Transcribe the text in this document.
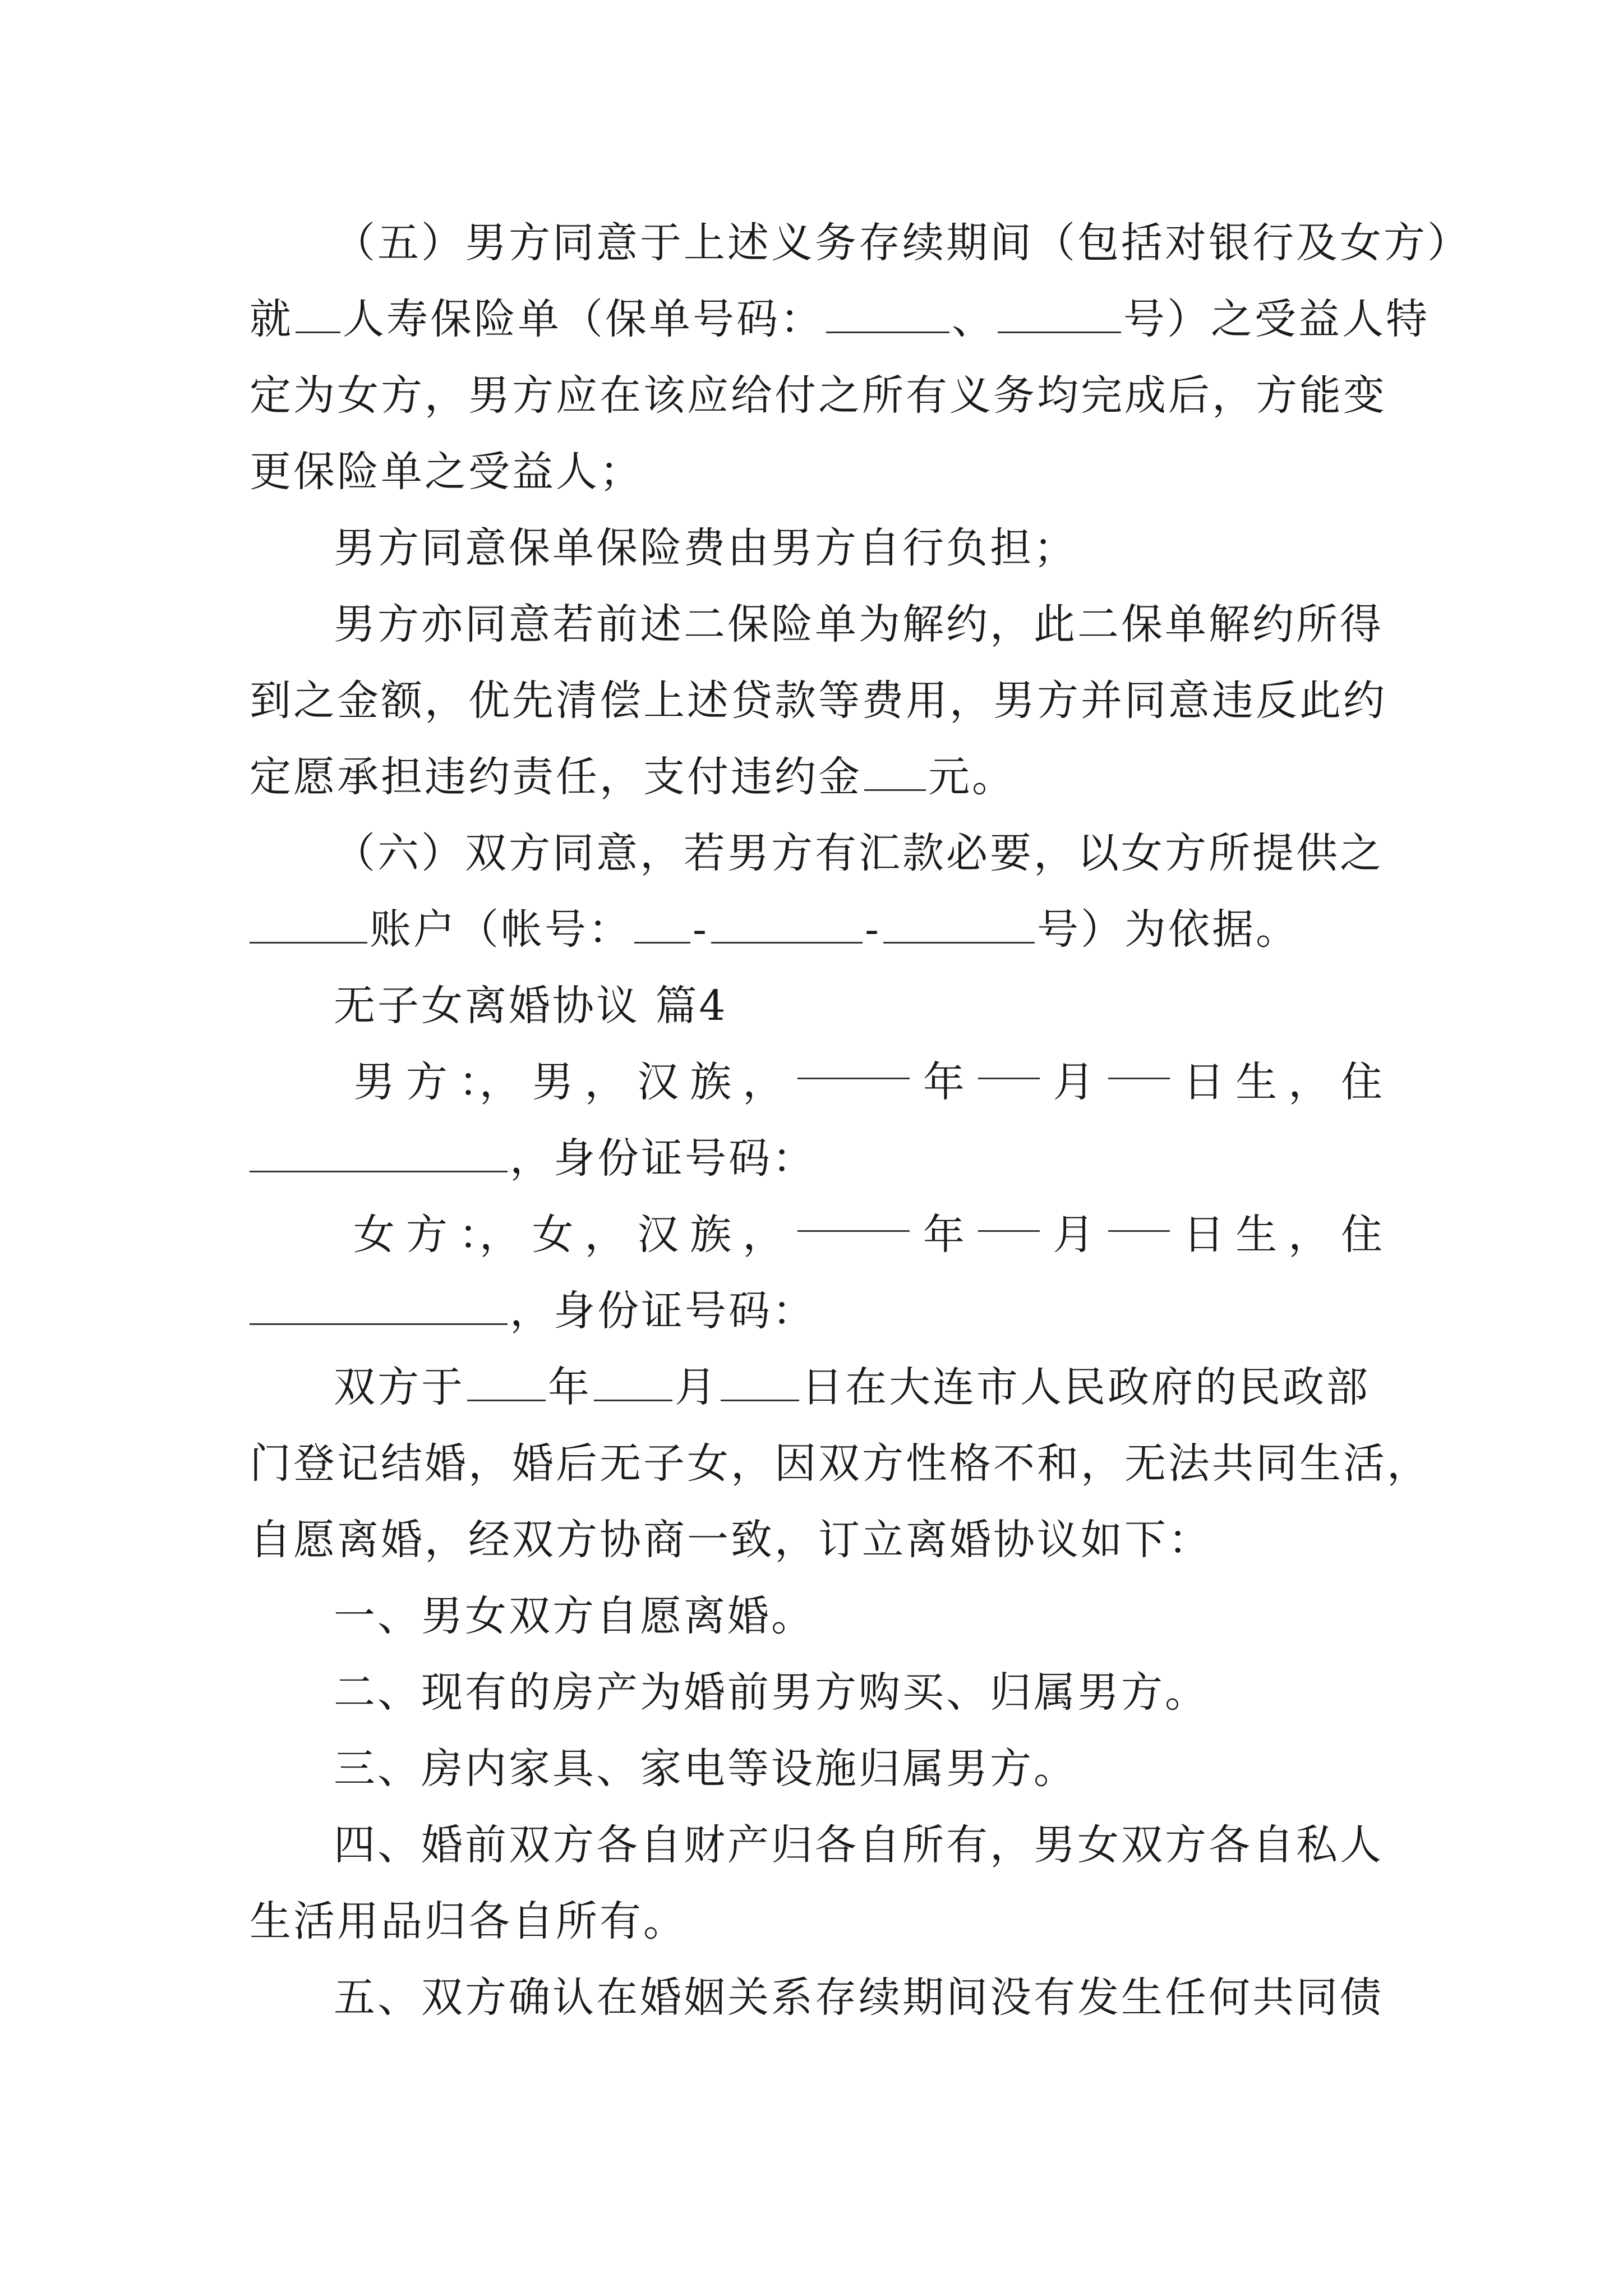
（五）男方同意于上述义务存续期间（包括对银行及女方）
就 人寿保险单（保单号码：	、	号）之受益人特
定为女方，男方应在该应给付之所有义务均完成后，方能变
更保险单之受益人；
男方同意保单保险费由男方自行负担；
男方亦同意若前述二保险单为解约，此二保单解约所得
到之金额，优先清偿上述贷款等费用，男方并同意违反此约
定愿承担违约责任，支付违约金 元。
（六）双方同意，若男方有汇款必要，以女方所提供之
账户（帐号： -	-	号）为依据。
无子女离婚协议 篇4
男 方 ：， 男 ， 汉 族 ，	年 月 日 生 ， 住
，身份证号码：
女 方 ：， 女 ， 汉 族 ，	年 月 日 生 ， 住
，身份证号码：
双方于 年 月 日在大连市人民政府的民政部
门登记结婚，婚后无子女，因双方性格不和，无法共同生活，
自愿离婚，经双方协商一致，订立离婚协议如下：
一、男女双方自愿离婚。
二、现有的房产为婚前男方购买、归属男方。
三、房内家具、家电等设施归属男方。
四、婚前双方各自财产归各自所有，男女双方各自私人
生活用品归各自所有。
五、双方确认在婚姻关系存续期间没有发生任何共同债
